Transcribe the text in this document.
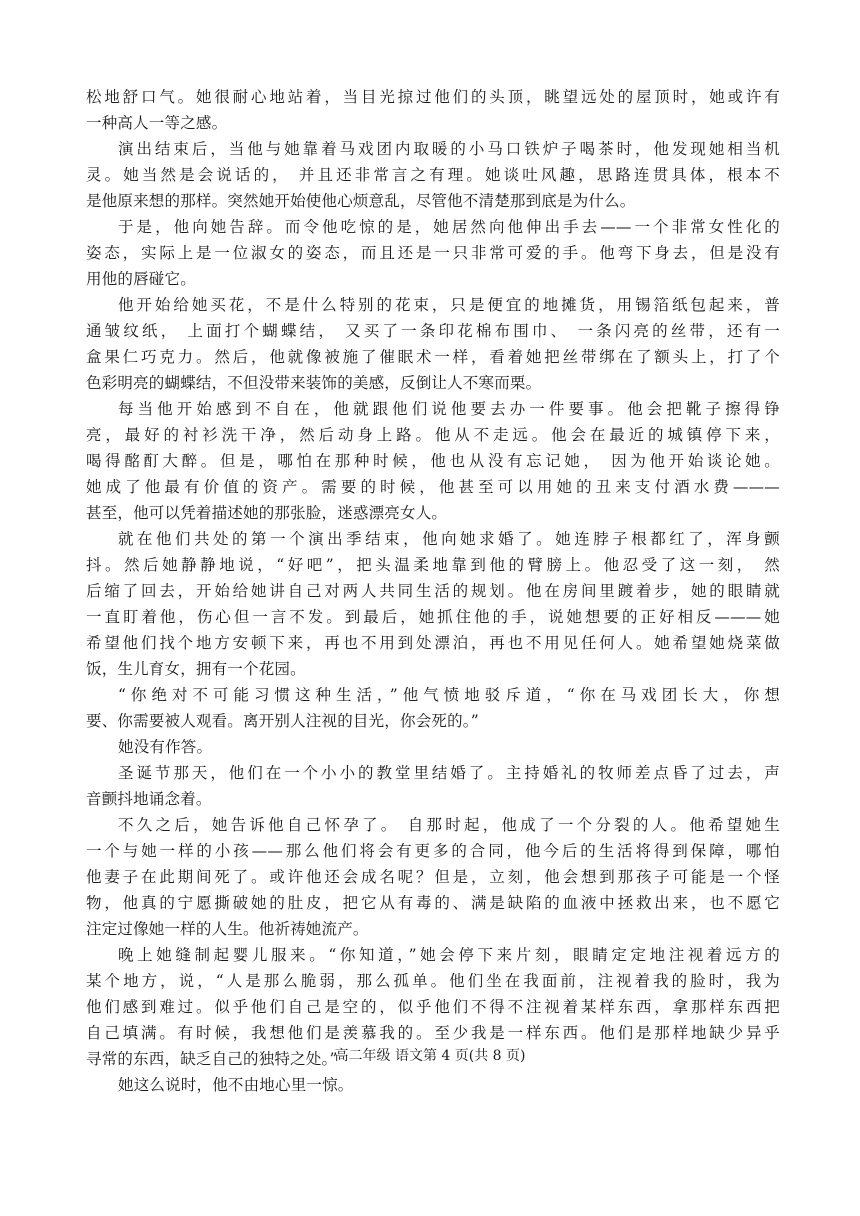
松地舒口气。她很耐心地站着，当目光掠过他们的头顶，眺望远处的屋顶时，她或许有
一种高人一等之感。
演出结束后，当他与她靠着马戏团内取暖的小马口铁炉子喝茶时，他发现她相当机
灵。她当然是会说话的， 并且还非常言之有理。她谈吐风趣，思路连贯具体，根本不
是他原来想的那样。突然她开始使他心烦意乱，尽管他不清楚那到底是为什么。
于是，他向她告辞。而令他吃惊的是，她居然向他伸出手去——一个非常女性化的
姿态，实际上是一位淑女的姿态，而且还是一只非常可爱的手。他弯下身去，但是没有
用他的唇碰它。
他开始给她买花，不是什么特别的花束，只是便宜的地摊货，用锡箔纸包起来，普
通皱纹纸， 上面打个蝴蝶结， 又买了一条印花棉布围巾、 一条闪亮的丝带，还有一
盒果仁巧克力。然后，他就像被施了催眠术一样，看着她把丝带绑在了额头上，打了个
色彩明亮的蝴蝶结，不但没带来装饰的美感，反倒让人不寒而栗。
每当他开始感到不自在，他就跟他们说他要去办一件要事。他会把靴子擦得铮
亮，最好的衬衫洗干净，然后动身上路。他从不走远。他会在最近的城镇停下来，
喝得酩酊大醉。但是，哪怕在那种时候，他也从没有忘记她， 因为他开始谈论她。
她成了他最有价值的资产。需要的时候，他甚至可以用她的丑来支付酒水费———
甚至，他可以凭着描述她的那张脸，迷惑漂亮女人。
就在他们共处的第一个演出季结束，他向她求婚了。她连脖子根都红了，浑身颤
抖。然后她静静地说，“好吧”，把头温柔地靠到他的臂膀上。他忍受了这一刻， 然
后缩了回去，开始给她讲自己对两人共同生活的规划。他在房间里踱着步，她的眼睛就
一直盯着他，伤心但一言不发。到最后，她抓住他的手，说她想要的正好相反———她
希望他们找个地方安顿下来，再也不用到处漂泊，再也不用见任何人。她希望她烧菜做
饭，生儿育女，拥有一个花园。
“你绝对不可能习惯这种生活，”他气愤地驳斥道，“你在马戏团长大，你想
要、你需要被人观看。离开别人注视的目光，你会死的。”
她没有作答。
圣诞节那天，他们在一个小小的教堂里结婚了。主持婚礼的牧师差点昏了过去，声
音颤抖地诵念着。
不久之后，她告诉他自己怀孕了。 自那时起，他成了一个分裂的人。他希望她生
一个与她一样的小孩——那么他们将会有更多的合同，他今后的生活将得到保障，哪怕
他妻子在此期间死了。或许他还会成名呢？但是，立刻，他会想到那孩子可能是一个怪
物，他真的宁愿撕破她的肚皮，把它从有毒的、满是缺陷的血液中拯救出来，也不愿它
注定过像她一样的人生。他祈祷她流产。
晚上她缝制起婴儿服来。“你知道，”她会停下来片刻，眼睛定定地注视着远方的
某个地方，说，“人是那么脆弱，那么孤单。他们坐在我面前，注视着我的脸时，我为
他们感到难过。似乎他们自己是空的，似乎他们不得不注视着某样东西，拿那样东西把
自己填满。有时候，我想他们是羡慕我的。至少我是一样东西。他们是那样地缺少异乎
寻常的东西，缺乏自己的独特之处。”
她这么说时，他不由地心里一惊。
高二年级 语文第 4 页(共 8 页)
